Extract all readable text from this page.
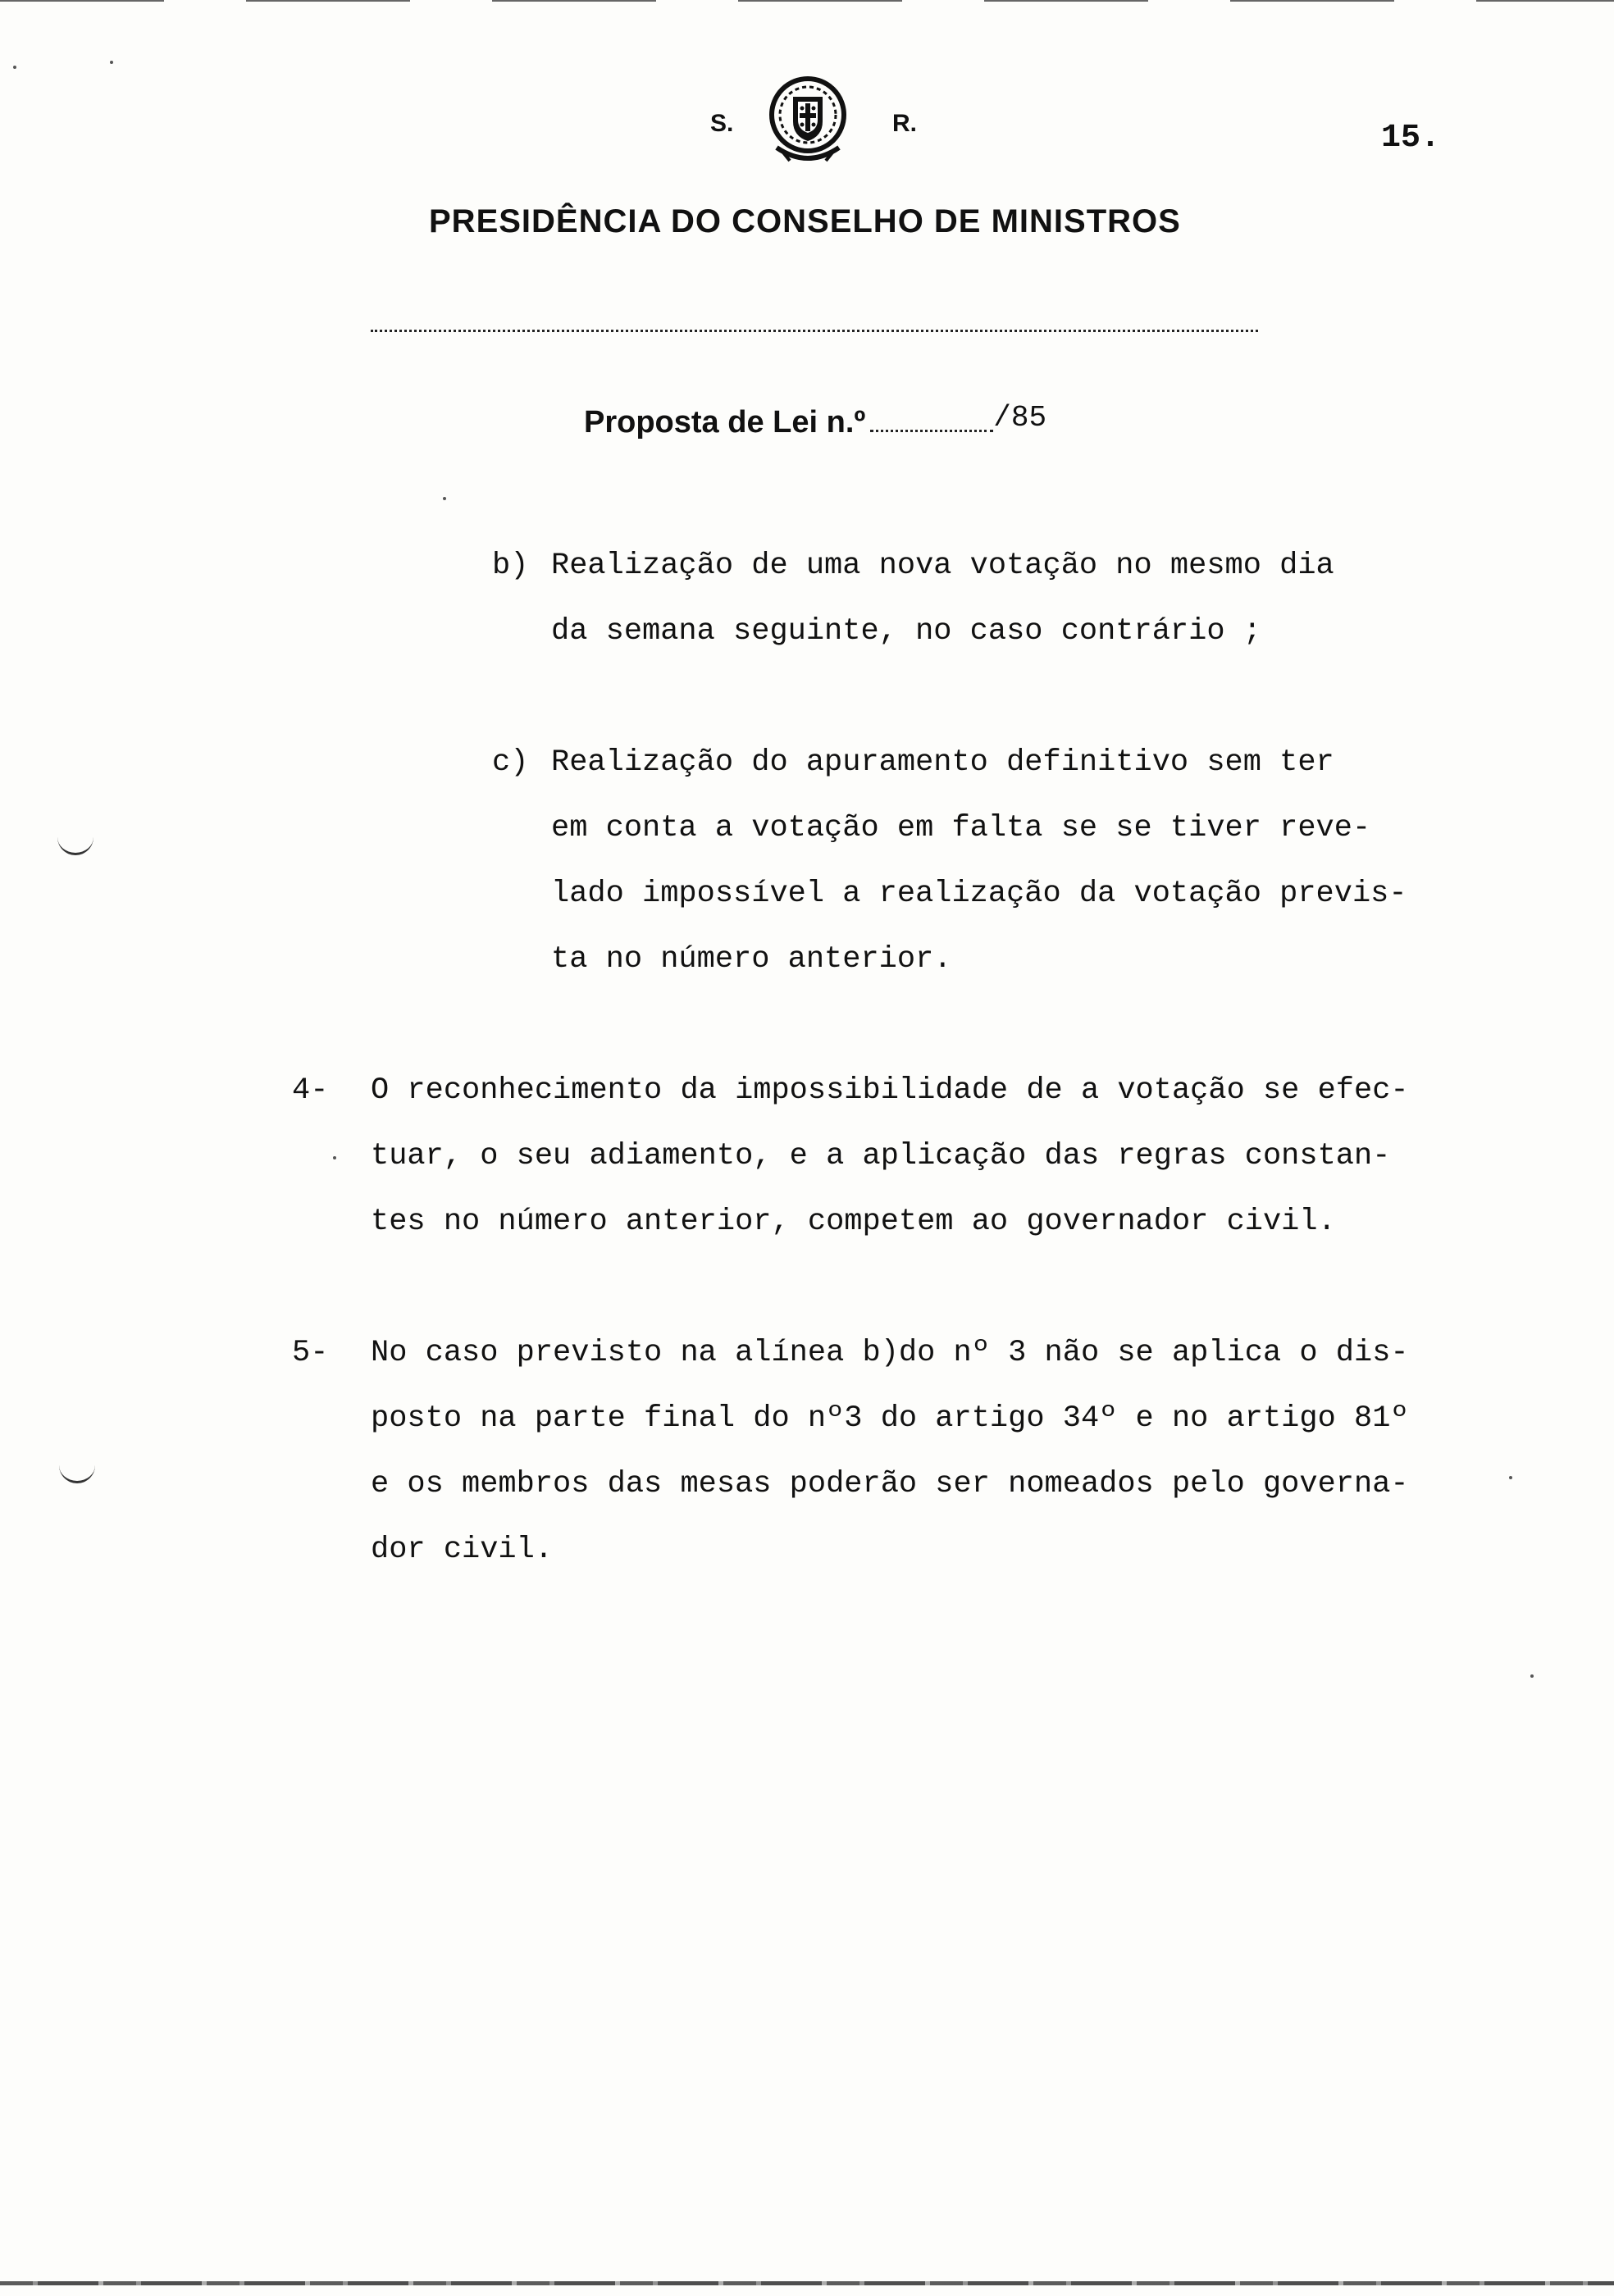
S.	R.	15.
PRESIDÊNCIA DO CONSELHO DE MINISTROS
Proposta de Lei n.º	/85
b) Realização de uma nova votação no mesmo dia
da semana seguinte, no caso contrário ;
c) Realização do apuramento definitivo sem ter
em conta a votação em falta se se tiver reve-
lado impossível a realização da votação previs-
ta no número anterior.
4- O reconhecimento da impossibilidade de a votação se efec-
tuar, o seu adiamento, e a aplicação das regras constan-
tes no número anterior, competem ao governador civil.
5- No caso previsto na alínea b)do nº 3 não se aplica o dis-
posto na parte final do nº3 do artigo 34º e no artigo 81º
e os membros das mesas poderão ser nomeados pelo governa-
dor civil.
